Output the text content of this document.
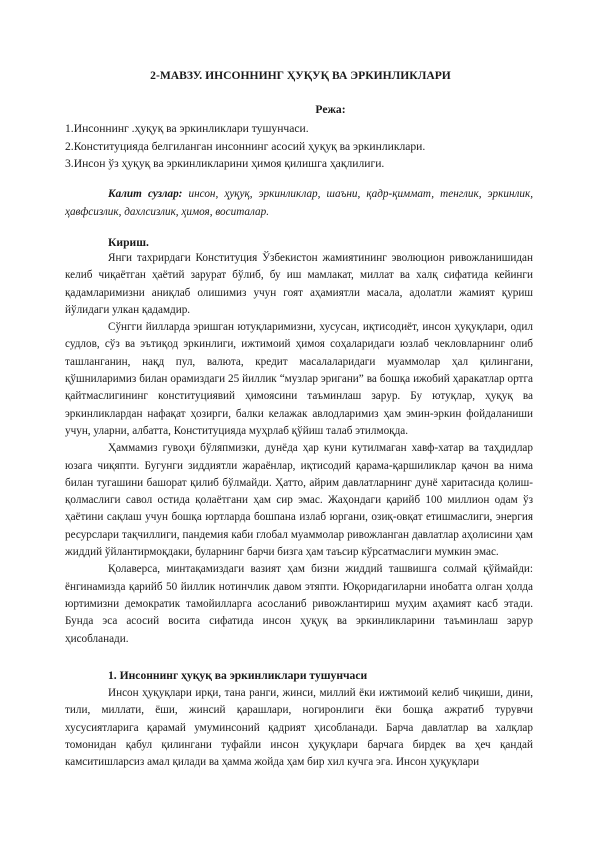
2-МАВЗУ. ИНСОННИНГ ҲУҚУҚ ВА ЭРКИНЛИКЛАРИ
Режа:
1.Инсоннинг .ҳуқуқ ва эркинликлари тушунчаси.
2.Конституцияда белгиланган инсоннинг асосий ҳуқуқ ва эркинликлари.
3.Инсон ўз ҳуқуқ ва эркинликларини ҳимоя қилишга ҳақлилиги.
Калит сузлар: инсон, ҳуқуқ, эркинликлар, шаъни, қадр-қиммат, тенглик, эркинлик, ҳавфсизлик, дахлсизлик, ҳимоя, воситалар.
Кириш.

Янги тахрирдаги Конституция Ўзбекистон жамиятининг эволюцион ривожланишидан келиб чиқаётган ҳаётий зарурат бўлиб, бу иш мамлакат, миллат ва халқ сифатида кейинги қадамларимизни аниқлаб олишимиз учун гоят аҳамиятли масала, адолатли жамият қуриш йўлидаги улкан қадамдир.

Сўнгги йилларда эришган ютуқларимизни, хусусан, иқтисодиёт, инсон ҳуқуқлари, одил судлов, сўз ва эътиқод эркинлиги, ижтимоий ҳимоя соҳаларидаги юзлаб чекловларнинг олиб ташланганин, нақд пул, валюта, кредит масалаларидаги муаммолар ҳал қилингани, қўшниларимиз билан орамиздаги 25 йиллик “музлар эригани” ва бошқа ижобий ҳаракатлар ортга қайтмаслигининг конституциявий ҳимоясини таъминлаш зарур. Бу ютуқлар, ҳуқуқ ва эркинликлардан нафақат ҳозирги, балки келажак авлодларимиз ҳам эмин-эркин фойдаланиши учун, уларни, албатта, Конституцияда муҳрлаб қўйиш талаб этилмоқда.

Ҳаммамиз гувоҳи бўляпмизки, дунёда ҳар куни кутилмаган хавф-хатар ва таҳдидлар юзага чиқяпти. Бугунги зиддиятли жараёнлар, иқтисодий қарама-қаршиликлар қачон ва нима билан тугашини башорат қилиб бўлмайди. Ҳатто, айрим давлатларнинг дунё харитасида қолиш-қолмаслиги савол остида қолаётгани ҳам сир эмас. Жаҳондаги қарийб 100 миллион одам ўз ҳаётини сақлаш учун бошқа юртларда бошпана излаб юргани, озиқ-овқат етишмаслиги, энергия ресурслари тақчиллиги, пандемия каби глобал муаммолар ривожланган давлатлар аҳолисини ҳам жиддий ўйлантирмоқдаки, буларнинг барчи бизга ҳам таъсир кўрсатмаслиги мумкин эмас.

Қолаверса, минтақамиздаги вазият ҳам бизни жиддий ташвишга солмай қўймайди: ёнгинамизда қарийб 50 йиллик нотинчлик давом этяпти. Юқоридагиларни инобатга олган ҳолда юртимизни демократик тамойилларга асосланиб ривожлантириш муҳим аҳамият касб этади. Бунда эса асосий восита сифатида инсон ҳуқуқ ва эркинликларини таъминлаш зарур ҳисобланади.

1. Инсоннинг ҳуқуқ ва эркинликлари тушунчаси

Инсон ҳуқуқлари ирқи, тана ранги, жинси, миллий ёки ижтимоий келиб чиқиши, дини, тили, миллати, ёши, жинсий қарашлари, ногиронлиги ёки бошқа ажратиб турувчи хусусиятларига қарамай умуминсоний қадрият ҳисобланади. Барча давлатлар ва халқлар томонидан қабул қилингани туфайли инсон ҳуқуқлари барчага бирдек ва ҳеч қандай камситишларсиз амал қилади ва ҳамма жойда ҳам бир хил кучга эга. Инсон ҳуқуқлари
